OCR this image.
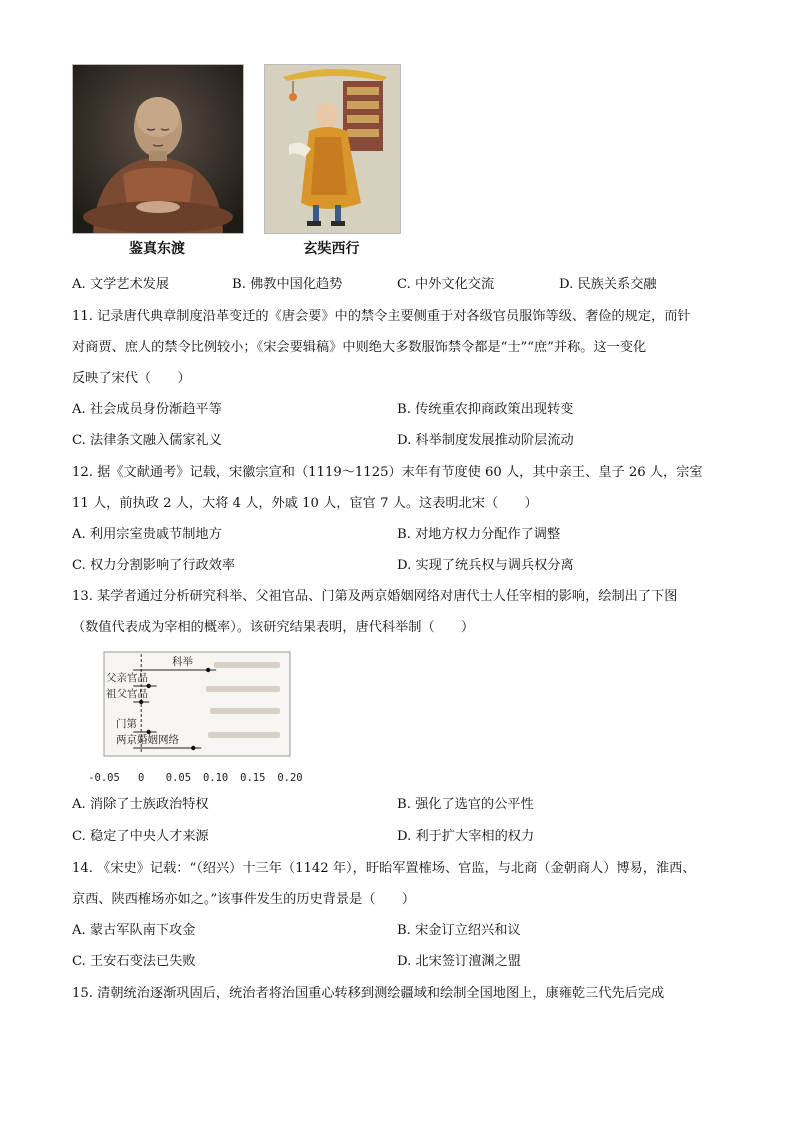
鉴真东渡	玄奘西行
A. 文学艺术发展	B. 佛教中国化趋势	C. 中外文化交流	D. 民族关系交融
11. 记录唐代典章制度沿革变迁的《唐会要》中的禁令主要侧重于对各级官员服饰等级、奢俭的规定，而针
对商贾、庶人的禁令比例较小；《宋会要辑稿》中则绝大多数服饰禁令都是“士”“庶”并称。这一变化
反映了宋代（　　）
A. 社会成员身份渐趋平等	B. 传统重农抑商政策出现转变
C. 法律条文融入儒家礼义	D. 科举制度发展推动阶层流动
12. 据《文献通考》记载，宋徽宗宣和（1119～1125）末年有节度使 60 人，其中亲王、皇子 26 人，宗室
11 人，前执政 2 人，大将 4 人，外戚 10 人，宦官 7 人。这表明北宋（　　）
A. 利用宗室贵戚节制地方	B. 对地方权力分配作了调整
C. 权力分割影响了行政效率	D. 实现了统兵权与调兵权分离
13. 某学者通过分析研究科举、父祖官品、门第及两京婚姻网络对唐代士人任宰相的影响，绘制出了下图
（数值代表成为宰相的概率）。该研究结果表明，唐代科举制（　　）
科举
父亲官品
祖父官品
门第
两京婚姻网络
-0.05 0 0.05 0.10 0.15 0.20
A. 消除了士族政治特权	B. 强化了选官的公平性
C. 稳定了中央人才来源	D. 利于扩大宰相的权力
14. 《宋史》记载：“（绍兴）十三年（1142 年），盱眙军置榷场、官监，与北商（金朝商人）博易，淮西、
京西、陕西榷场亦如之。”该事件发生的历史背景是（　　）
A. 蒙古军队南下攻金	B. 宋金订立绍兴和议
C. 王安石变法已失败	D. 北宋签订澶渊之盟
15. 清朝统治逐渐巩固后，统治者将治国重心转移到测绘疆域和绘制全国地图上，康雍乾三代先后完成
